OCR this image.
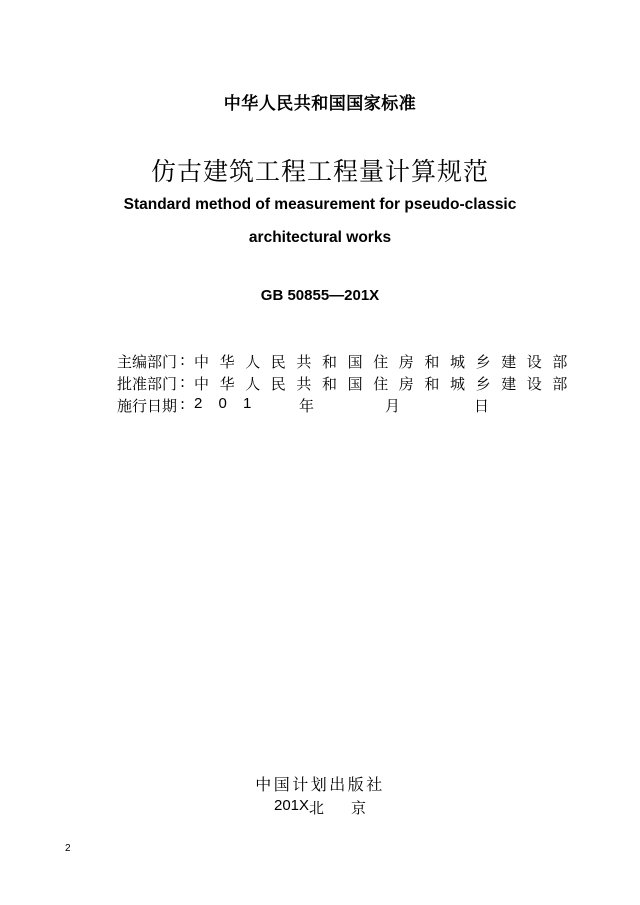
中华人民共和国国家标准
仿古建筑工程工程量计算规范
Standard method of measurement for pseudo-classic
architectural works
GB 50855—201X
主编部门 : 中华人民共和国住房和城乡建设部
批准部门 : 中华人民共和国住房和城乡建设部
施行日期 : 2 0 1	年	月	日
中国计划出版社
201X 北 京
2
